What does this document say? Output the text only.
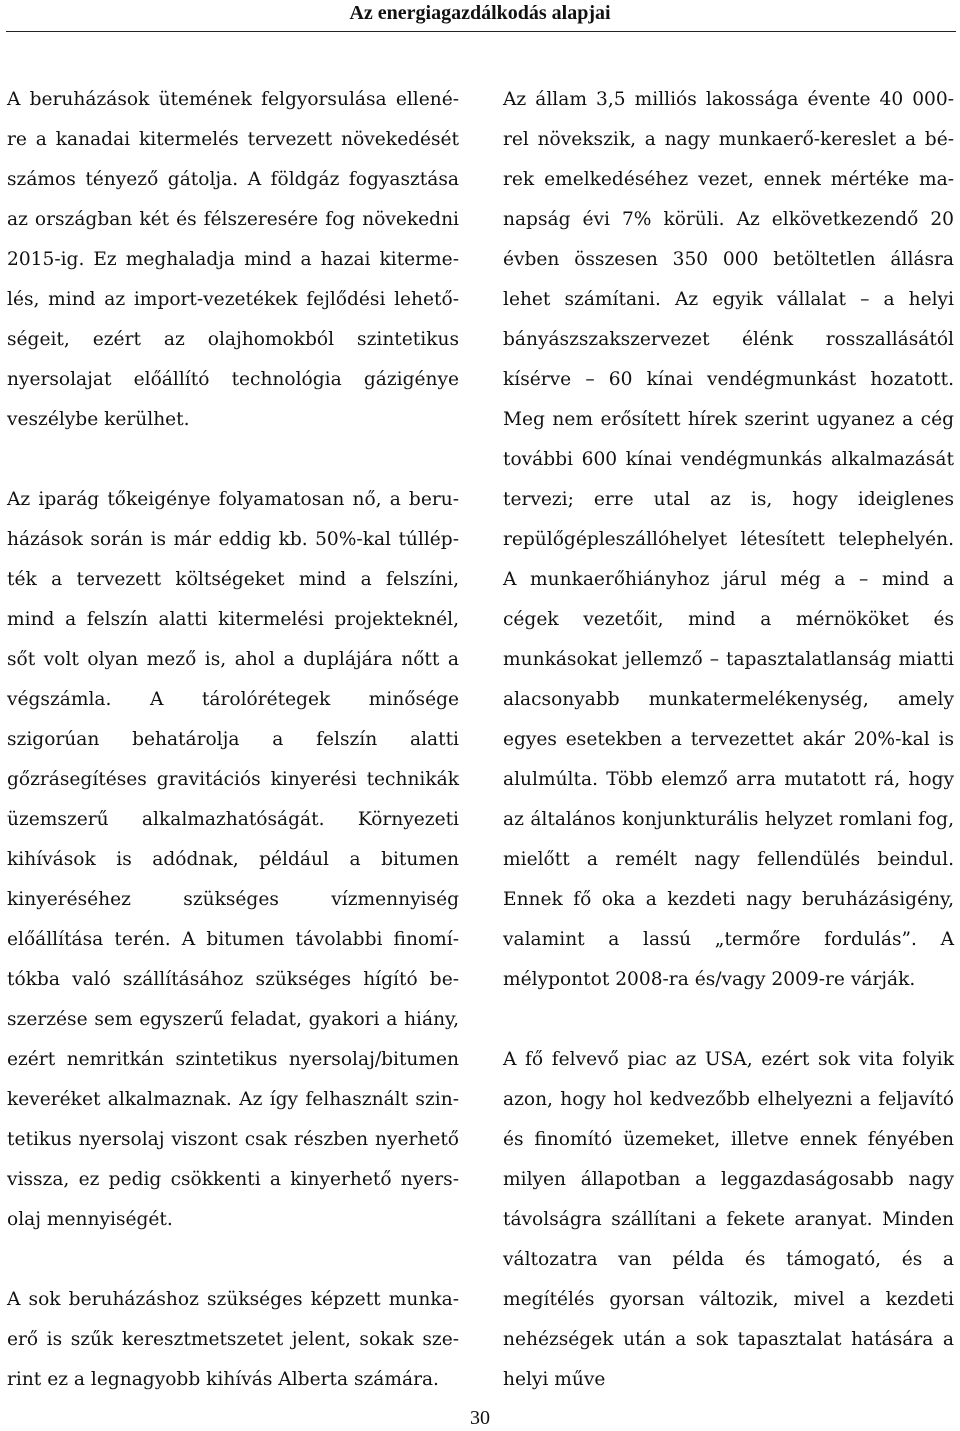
Az energiagazdálkodás alapjai

A beruházások ütemének felgyorsulása ellenére a kanadai kitermelés tervezett növekedését számos tényező gátolja. A földgáz fogyasztása az országban két és félszeresére fog növekedni 2015-ig. Ez meghaladja mind a hazai kitermelés, mind az import-vezetékek fejlődési lehetőségeit, ezért az olajhomokból szintetikus nyersolajat előállító technológia gázigénye veszélybe kerülhet.

Az iparág tőkeigénye folyamatosan nő, a beruházások során is már eddig kb. 50%-kal túllépték a tervezett költségeket mind a felszíni, mind a felszín alatti kitermelési projekteknél, sőt volt olyan mező is, ahol a duplájára nőtt a végszámla. A tárolórétegek minősége szigorúan behatárolja a felszín alatti gőzrásegítéses gravitációs kinyerési technikák üzemszerű alkalmazhatóságát. Környezeti kihívások is adódnak, például a bitumen kinyeréséhez szükséges vízmennyiség előállítása terén. A bitumen távolabbi finomítókba való szállításához szükséges hígító beszerzése sem egyszerű feladat, gyakori a hiány, ezért nemritkán szintetikus nyersolaj/bitumen keveréket alkalmaznak. Az így felhasznált szintetikus nyersolaj viszont csak részben nyerhető vissza, ez pedig csökkenti a kinyerhető nyersolaj mennyiségét.

A sok beruházáshoz szükséges képzett munkaerő is szűk keresztmetszetet jelent, sokak szerint ez a legnagyobb kihívás Alberta számára.

Az állam 3,5 milliós lakossága évente 40 000-rel növekszik, a nagy munkaerő-kereslet a bérek emelkedéséhez vezet, ennek mértéke manapság évi 7% körüli. Az elkövetkezendő 20 évben összesen 350 000 betöltetlen állásra lehet számítani. Az egyik vállalat – a helyi bányászszakszervezet élénk rosszallásától kísérve – 60 kínai vendégmunkást hozatott. Meg nem erősített hírek szerint ugyanez a cég további 600 kínai vendégmunkás alkalmazását tervezi; erre utal az is, hogy ideiglenes repülőgépleszállóhelyet létesített telephelyén. A munkaerőhiányhoz járul még a – mind a cégek vezetőit, mind a mérnököket és munkásokat jellemző – tapasztalatlanság miatti alacsonyabb munkatermelékenység, amely egyes esetekben a tervezettet akár 20%-kal is alulmúlta. Több elemző arra mutatott rá, hogy az általános konjunkturális helyzet romlani fog, mielőtt a remélt nagy fellendülés beindul. Ennek fő oka a kezdeti nagy beruházásigény, valamint a lassú „termőre fordulás”. A mélypontot 2008-ra és/vagy 2009-re várják.

A fő felvevő piac az USA, ezért sok vita folyik azon, hogy hol kedvezőbb elhelyezni a feljavító és finomító üzemeket, illetve ennek fényében milyen állapotban a leggazdaságosabb nagy távolságra szállítani a fekete aranyat. Minden változatra van példa és támogató, és a megítélés gyorsan változik, mivel a kezdeti nehézségek után a sok tapasztalat hatására a helyi műve

30
